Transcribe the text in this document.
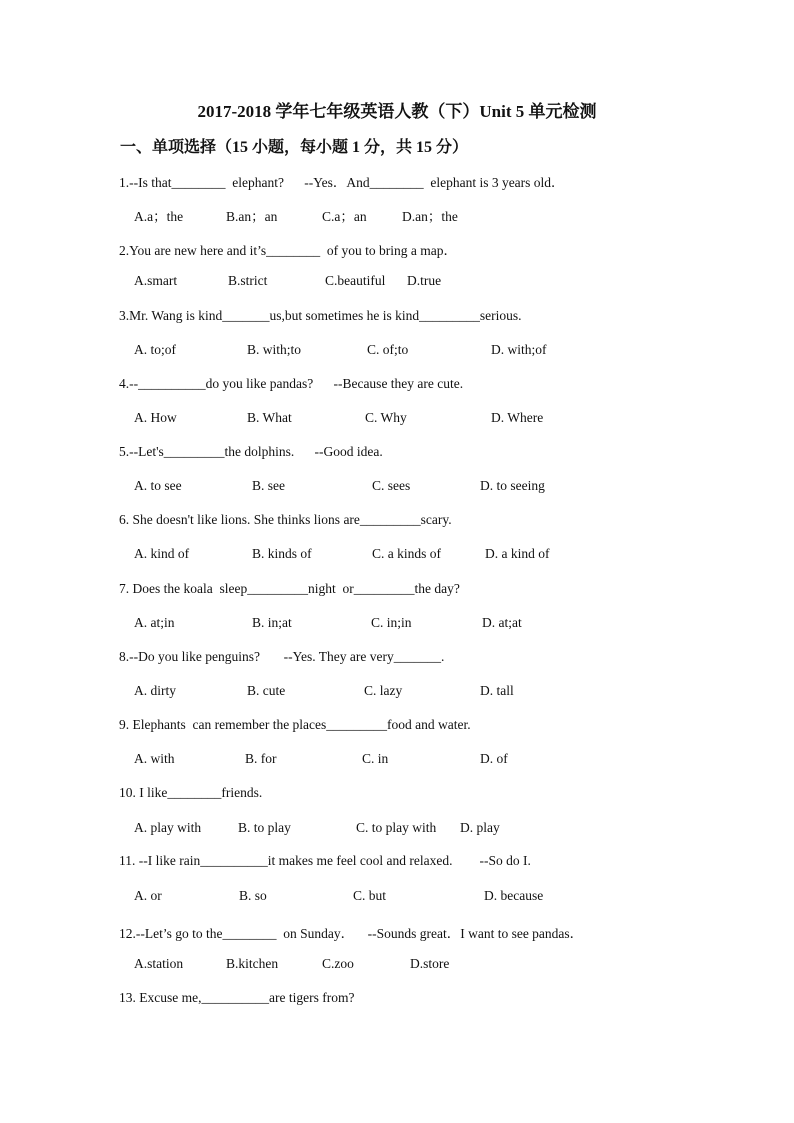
2017-2018 学年七年级英语人教（下）Unit 5 单元检测
一、单项选择（15 小题，每小题 1 分，共 15 分）
1.--Is that________  elephant?      --Yes．And________  elephant is 3 years old．
A.a；the	B.an；an	C.a；an	D.an；the
2.You are new here and it’s________  of you to bring a map．
A.smart	B.strict	C.beautiful D.true
3.Mr. Wang is kind_______us,but sometimes he is kind_________serious.
A. to;of	B. with;to	C. of;to	D. with;of
4.--__________do you like pandas?      --Because they are cute.
A. How	B. What	C. Why	D. Where
5.--Let's_________the dolphins.      --Good idea.
A. to see	B. see	C. sees	D. to seeing
6. She doesn't like lions. She thinks lions are_________scary.
A. kind of	B. kinds of	C. a kinds of	D. a kind of
7. Does the koala  sleep_________night  or_________the day?
A. at;in	B. in;at	C. in;in	D. at;at
8.--Do you like penguins?       --Yes. They are very_______.
A. dirty	B. cute	C. lazy	D. tall
9. Elephants  can remember the places_________food and water.
A. with	B. for	C. in	D. of
10. I like________friends.
A. play with	B. to play	C. to play with D. play
11. --I like rain__________it makes me feel cool and relaxed.        --So do I.
A. or	B. so	C. but	D. because
12.--Let’s go to the________  on Sunday．    --Sounds great．I want to see pandas．
A.station	B.kitchen	C.zoo	D.store
13. Excuse me,__________are tigers from?
